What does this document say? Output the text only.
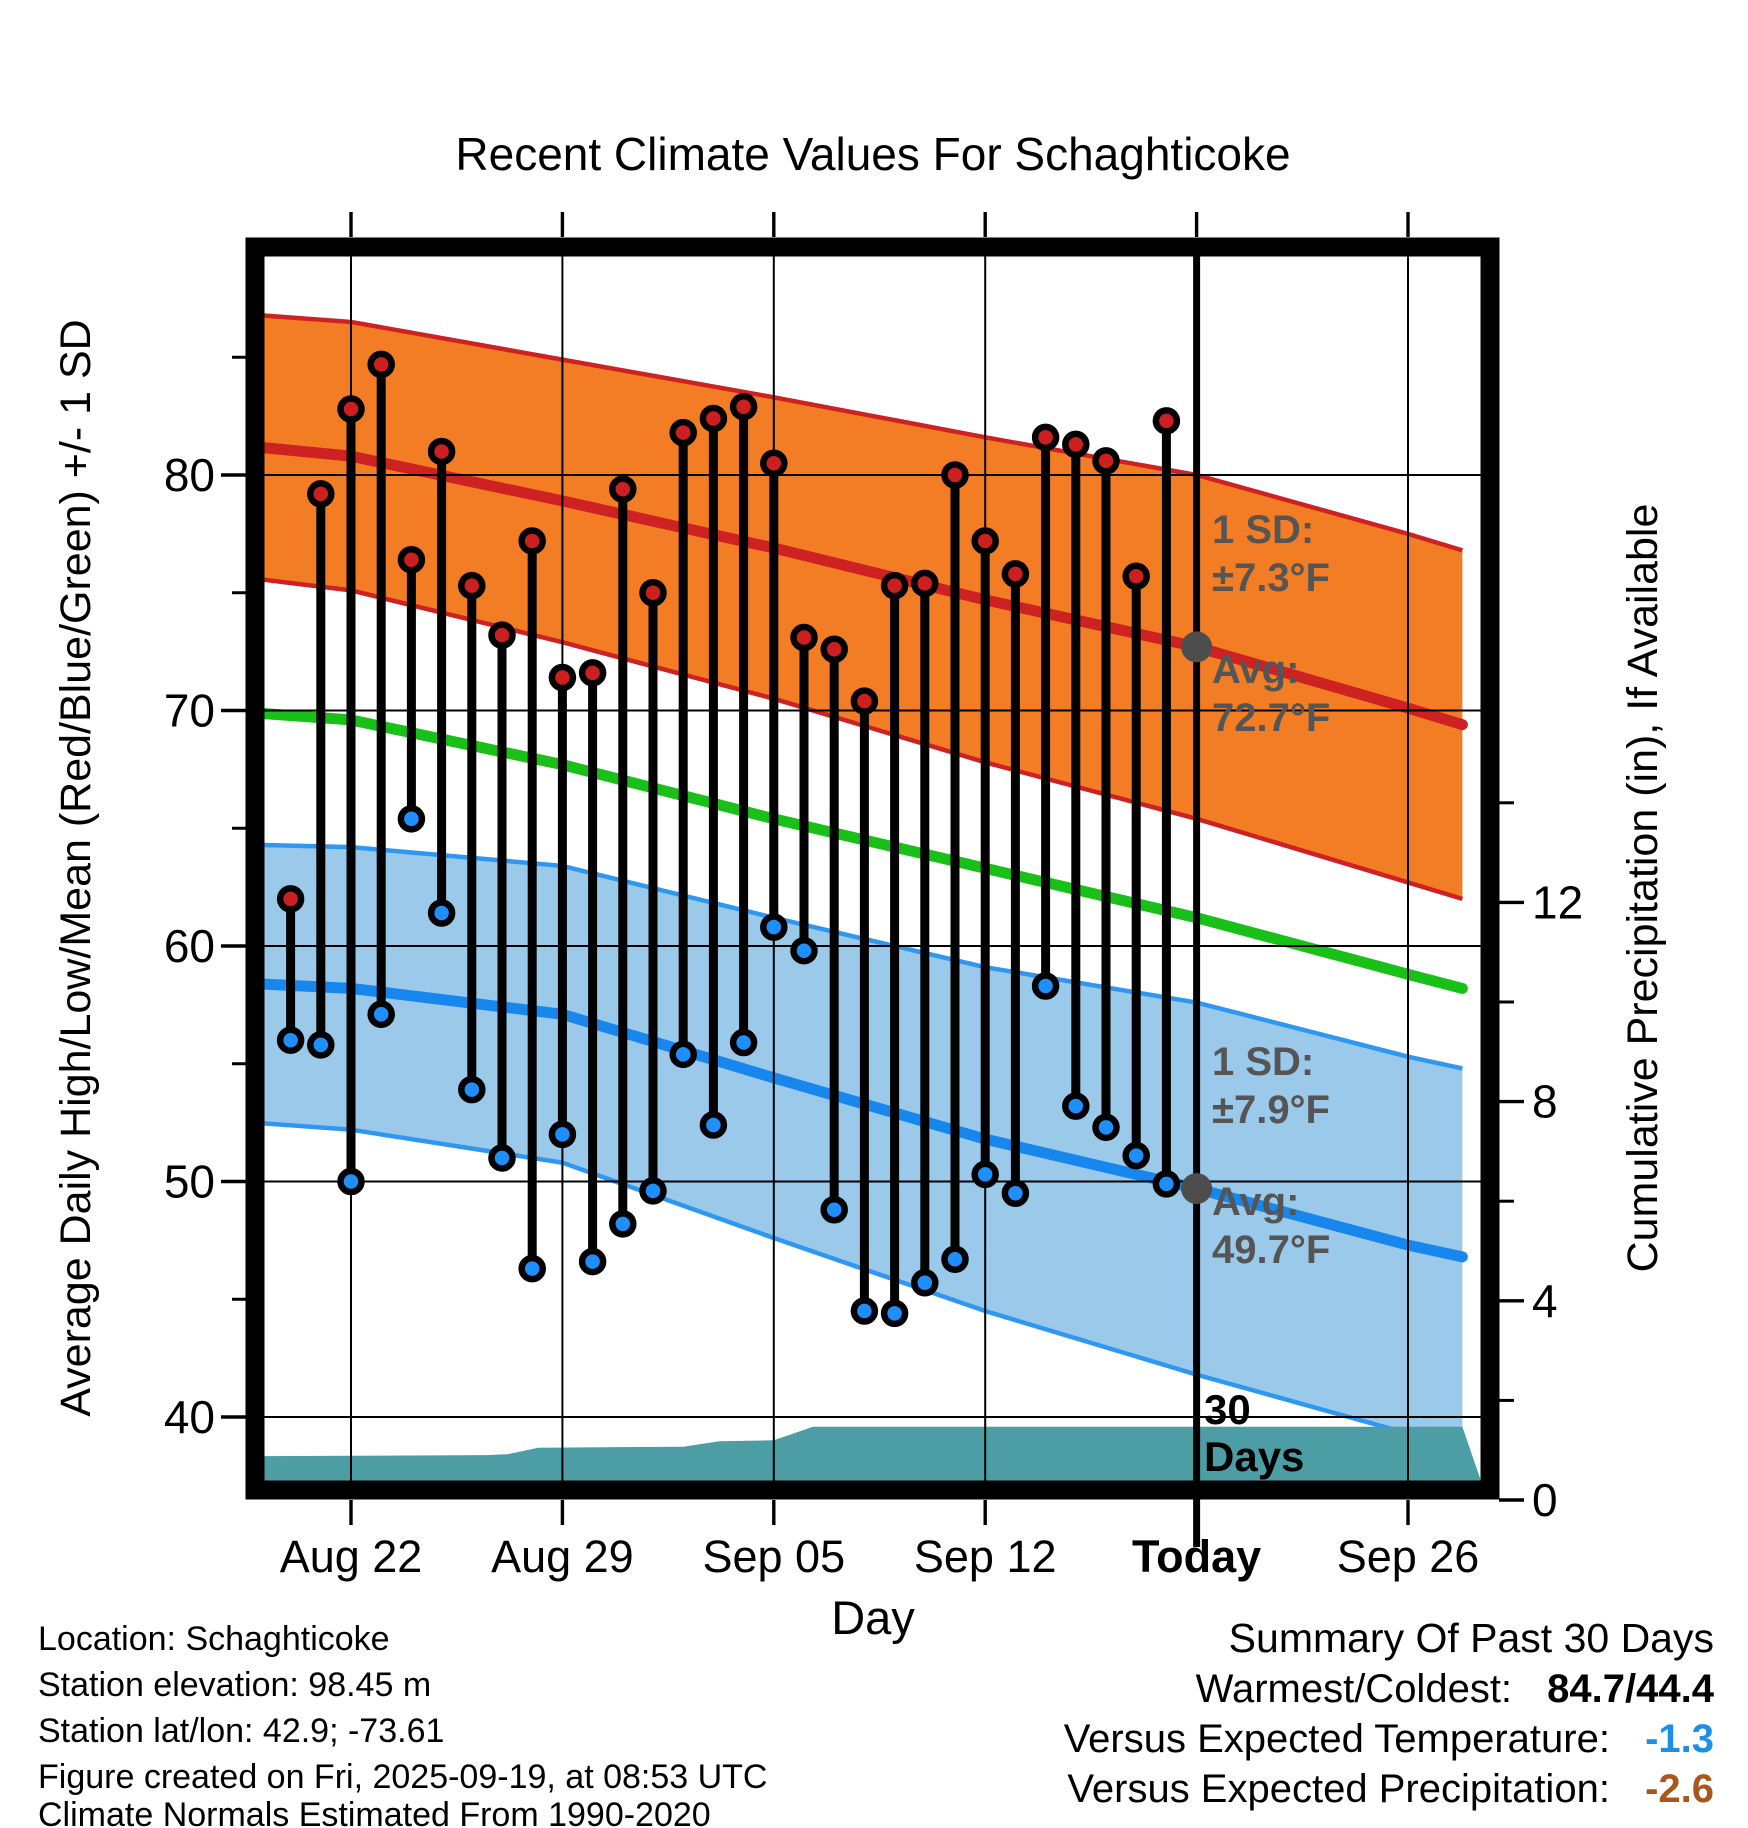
40
50
60
70
80
0
4
8
12
Aug 22 Aug 29 Sep 05 Sep 12 Today Sep 26
Recent Climate Values For Schaghticoke
Average Daily High/Low/Mean (Red/Blue/Green) +/- 1 SD	Cumulative Precipitation (in), If Available
Day
1 SD:
±7.3°F
Avg:
72.7°F
1 SD:
±7.9°F
Avg:
49.7°F
30
Days
Location: Schaghticoke
Station elevation: 98.45 m
Station lat/lon: 42.9; -73.61
Figure created on Fri, 2025-09-19, at 08:53 UTC
Climate Normals Estimated From 1990-2020
Summary Of Past 30 Days
Warmest/Coldest: 84.7/44.4
Versus Expected Temperature: -1.3
Versus Expected Precipitation: -2.6
